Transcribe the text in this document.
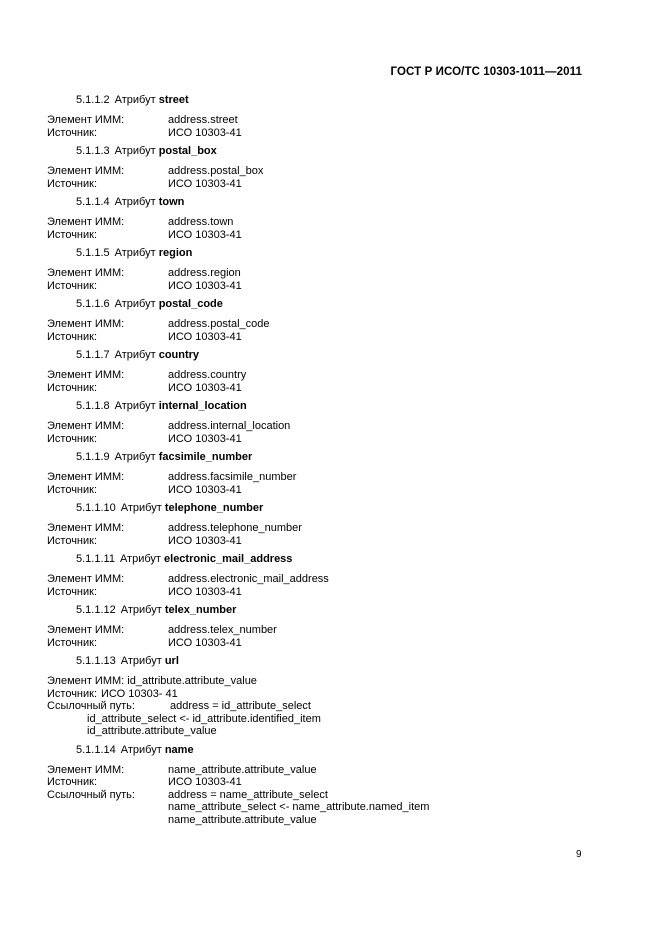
ГОСТ Р ИСО/ТС 10303-1011—2011
5.1.1.2 Атрибут street
Элемент ИММ:	address.street
Источник:	ИСО 10303-41
5.1.1.3 Атрибут postal_box
Элемент ИММ:	address.postal_box
Источник:	ИСО 10303-41
5.1.1.4 Атрибут town
Элемент ИММ:	address.town
Источник:	ИСО 10303-41
5.1.1.5 Атрибут region
Элемент ИММ:	address.region
Источник:	ИСО 10303-41
5.1.1.6 Атрибут postal_code
Элемент ИММ:	address.postal_code
Источник:	ИСО 10303-41
5.1.1.7 Атрибут country
Элемент ИММ:	address.country
Источник:	ИСО 10303-41
5.1.1.8 Атрибут internal_location
Элемент ИММ:	address.internal_location
Источник:	ИСО 10303-41
5.1.1.9 Атрибут facsimile_number
Элемент ИММ:	address.facsimile_number
Источник:	ИСО 10303-41
5.1.1.10 Атрибут telephone_number
Элемент ИММ:	address.telephone_number
Источник:	ИСО 10303-41
5.1.1.11 Атрибут electronic_mail_address
Элемент ИММ:	address.electronic_mail_address
Источник:	ИСО 10303-41
5.1.1.12 Атрибут telex_number
Элемент ИММ:	address.telex_number
Источник:	ИСО 10303-41
5.1.1.13 Атрибут url
Элемент ИММ: id_attribute.attribute_value
Источник: ИСО 10303- 41
Ссылочный путь:	address = id_attribute_select
id_attribute_select <- id_attribute.identified_item
id_attribute.attribute_value
5.1.1.14 Атрибут name
Элемент ИММ:	name_attribute.attribute_value
Источник:	ИСО 10303-41
Ссылочный путь:	address = name_attribute_select
name_attribute_select <- name_attribute.named_item
name_attribute.attribute_value
9
